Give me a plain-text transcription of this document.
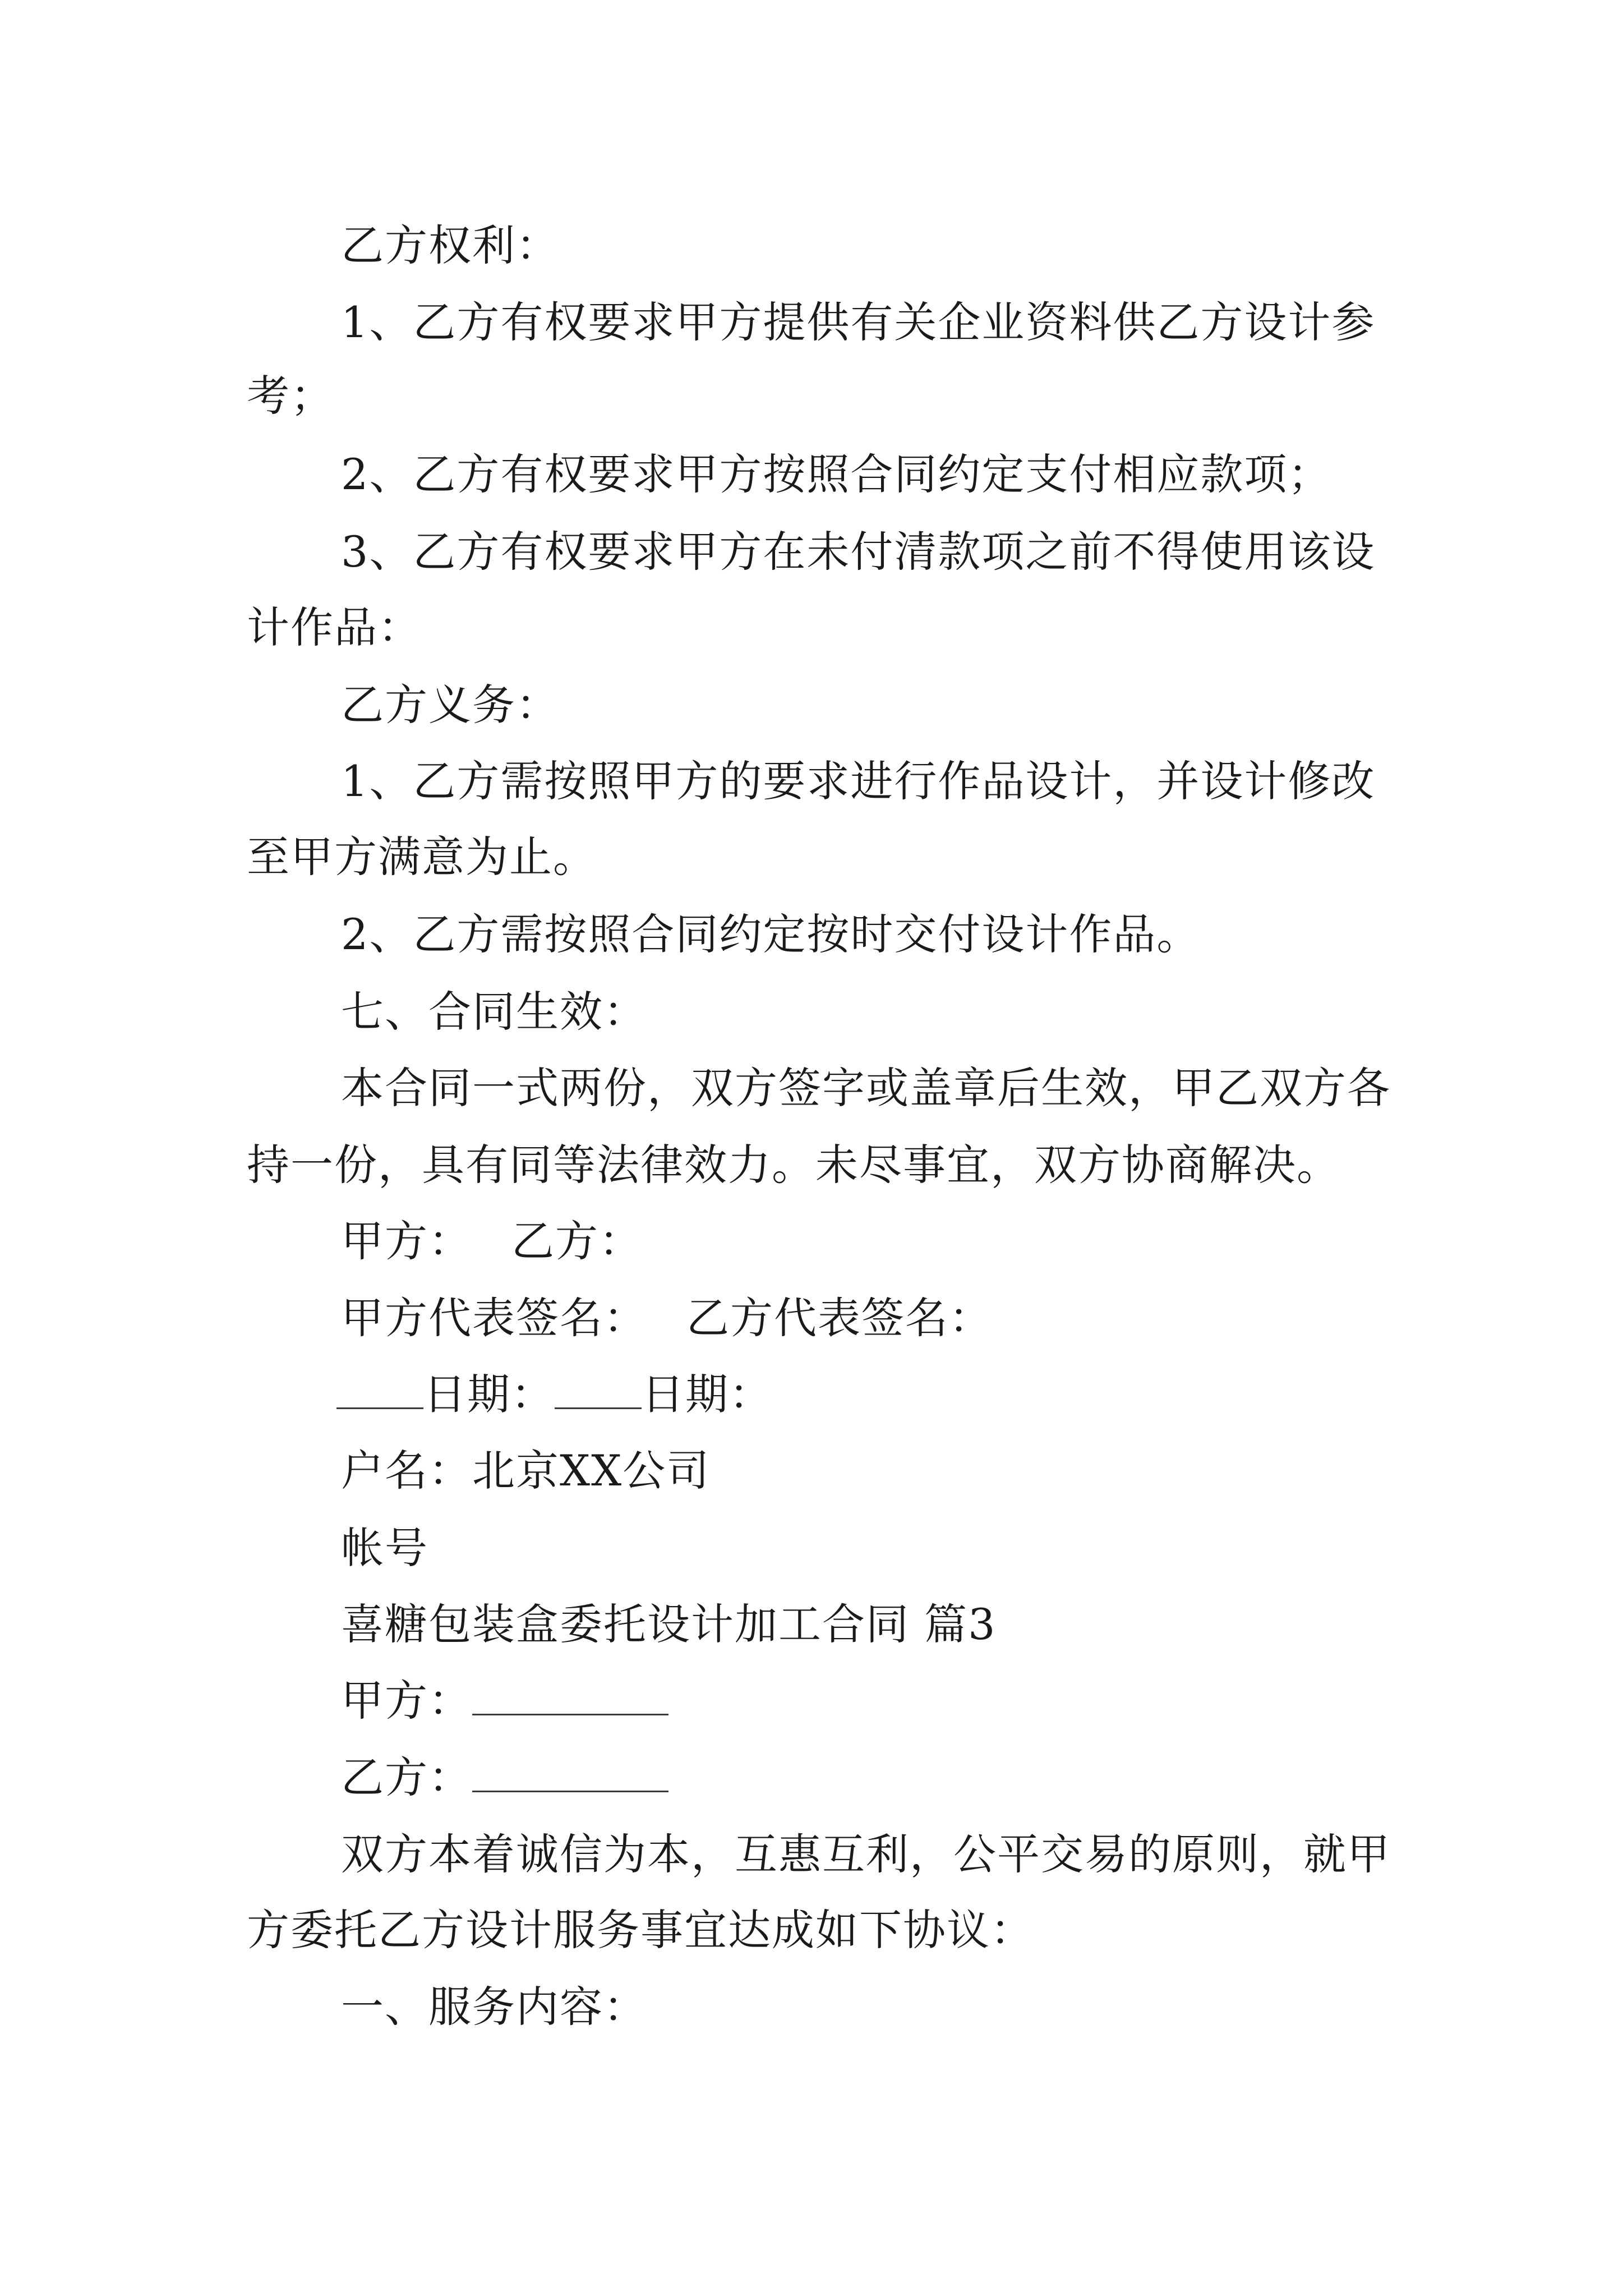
乙方权利：
1、乙方有权要求甲方提供有关企业资料供乙方设计参
考；
2、乙方有权要求甲方按照合同约定支付相应款项；
3、乙方有权要求甲方在未付清款项之前不得使用该设
计作品：
乙方义务：
1、乙方需按照甲方的要求进行作品设计，并设计修改
至甲方满意为止。
2、乙方需按照合同约定按时交付设计作品。
七、合同生效：
本合同一式两份，双方签字或盖章后生效，甲乙双方各
持一份，具有同等法律效力。未尽事宜，双方协商解决。
甲方： 乙方：
甲方代表签名： 乙方代表签名：
日期： 日期：
户名：北京XX公司
帐号
喜糖包装盒委托设计加工合同 篇3
甲方：
乙方：
双方本着诚信为本，互惠互利，公平交易的原则，就甲
方委托乙方设计服务事宜达成如下协议：
一、服务内容：
